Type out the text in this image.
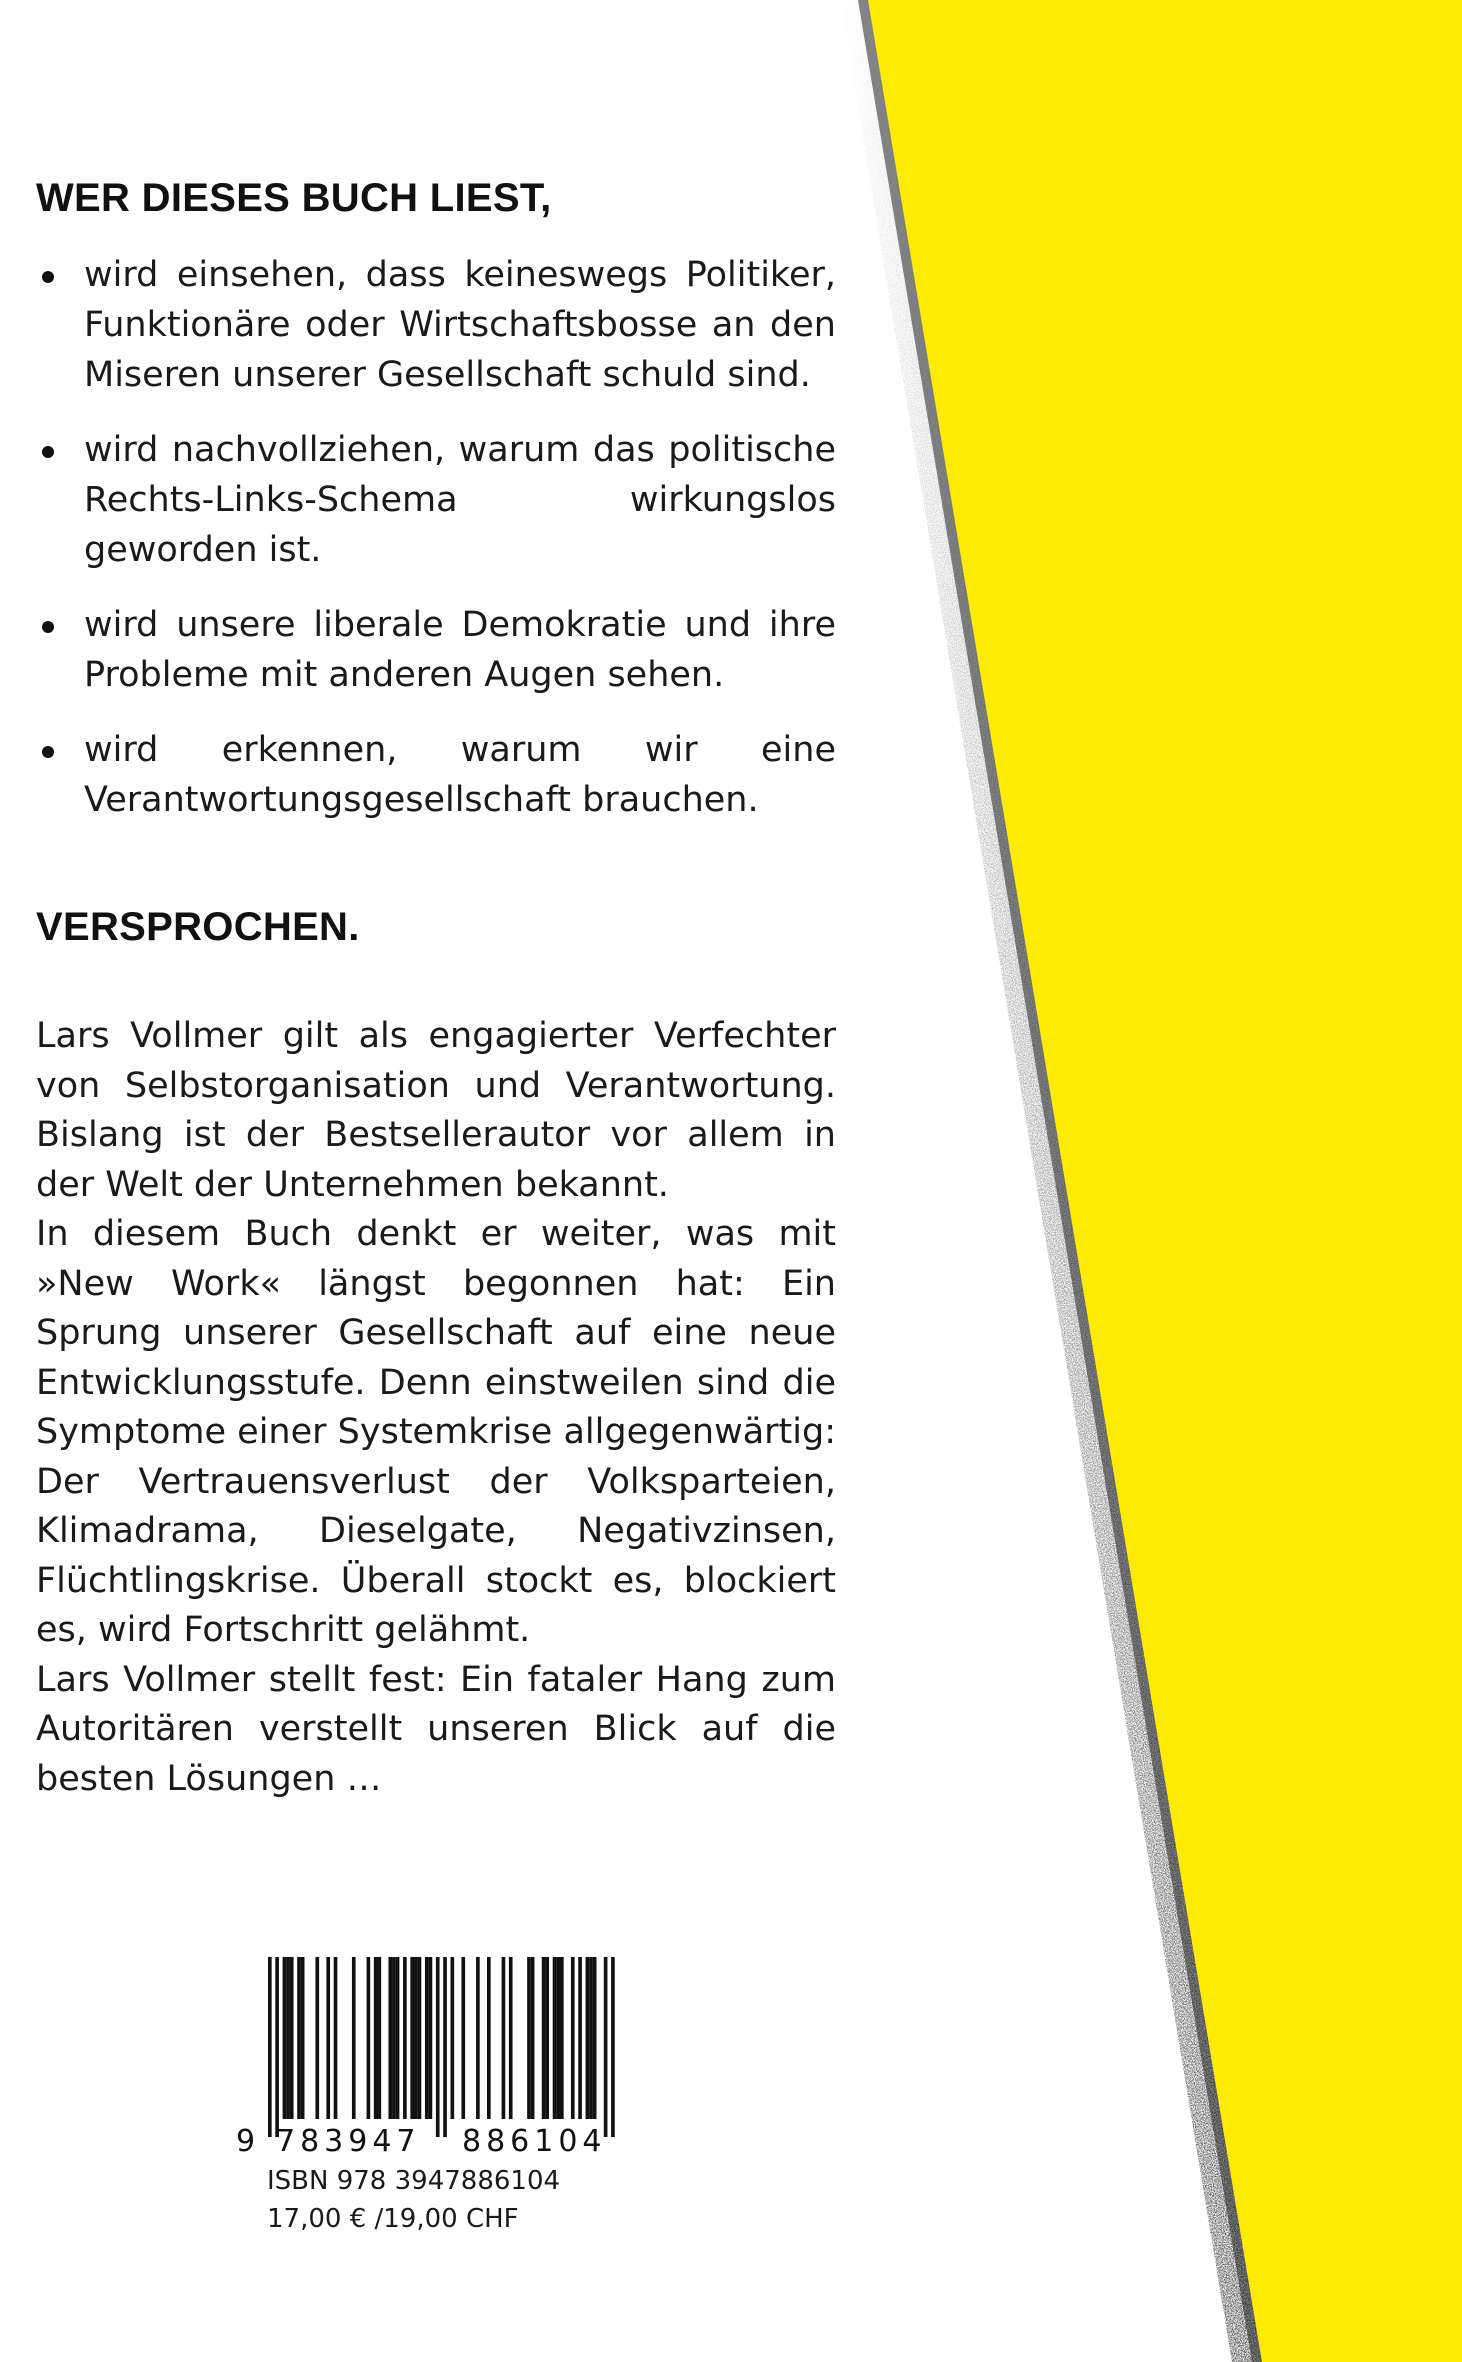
WER DIESES BUCH LIEST,
wird einsehen, dass keineswegs Politiker, Funktionäre oder Wirtschaftsbosse an den Miseren unserer Gesellschaft schuld sind.
wird nachvollziehen, warum das politische Rechts-Links-Schema wirkungslos geworden ist.
wird unsere liberale Demokratie und ihre Probleme mit anderen Augen sehen.
wird erkennen, warum wir eine Verantwortungsgesellschaft brauchen.
VERSPROCHEN.

Lars Vollmer gilt als engagierter Verfechter von Selbstorganisation und Verantwortung. Bislang ist der Bestsellerautor vor allem in der Welt der Unternehmen bekannt.

In diesem Buch denkt er weiter, was mit »New Work« längst begonnen hat: Ein Sprung unserer Gesellschaft auf eine neue Entwicklungsstufe. Denn einstweilen sind die Symptome einer Systemkrise allgegenwärtig: Der Vertrauensverlust der Volksparteien, Klimadrama, Dieselgate, Negativzinsen, Flüchtlingskrise. Überall stockt es, blockiert es, wird Fortschritt gelähmt.

Lars Vollmer stellt fest: Ein fataler Hang zum Autoritären verstellt unseren Blick auf die besten Lösungen …

9 783947 886104
ISBN 978 3947886104
17,00 € /19,00 CHF
